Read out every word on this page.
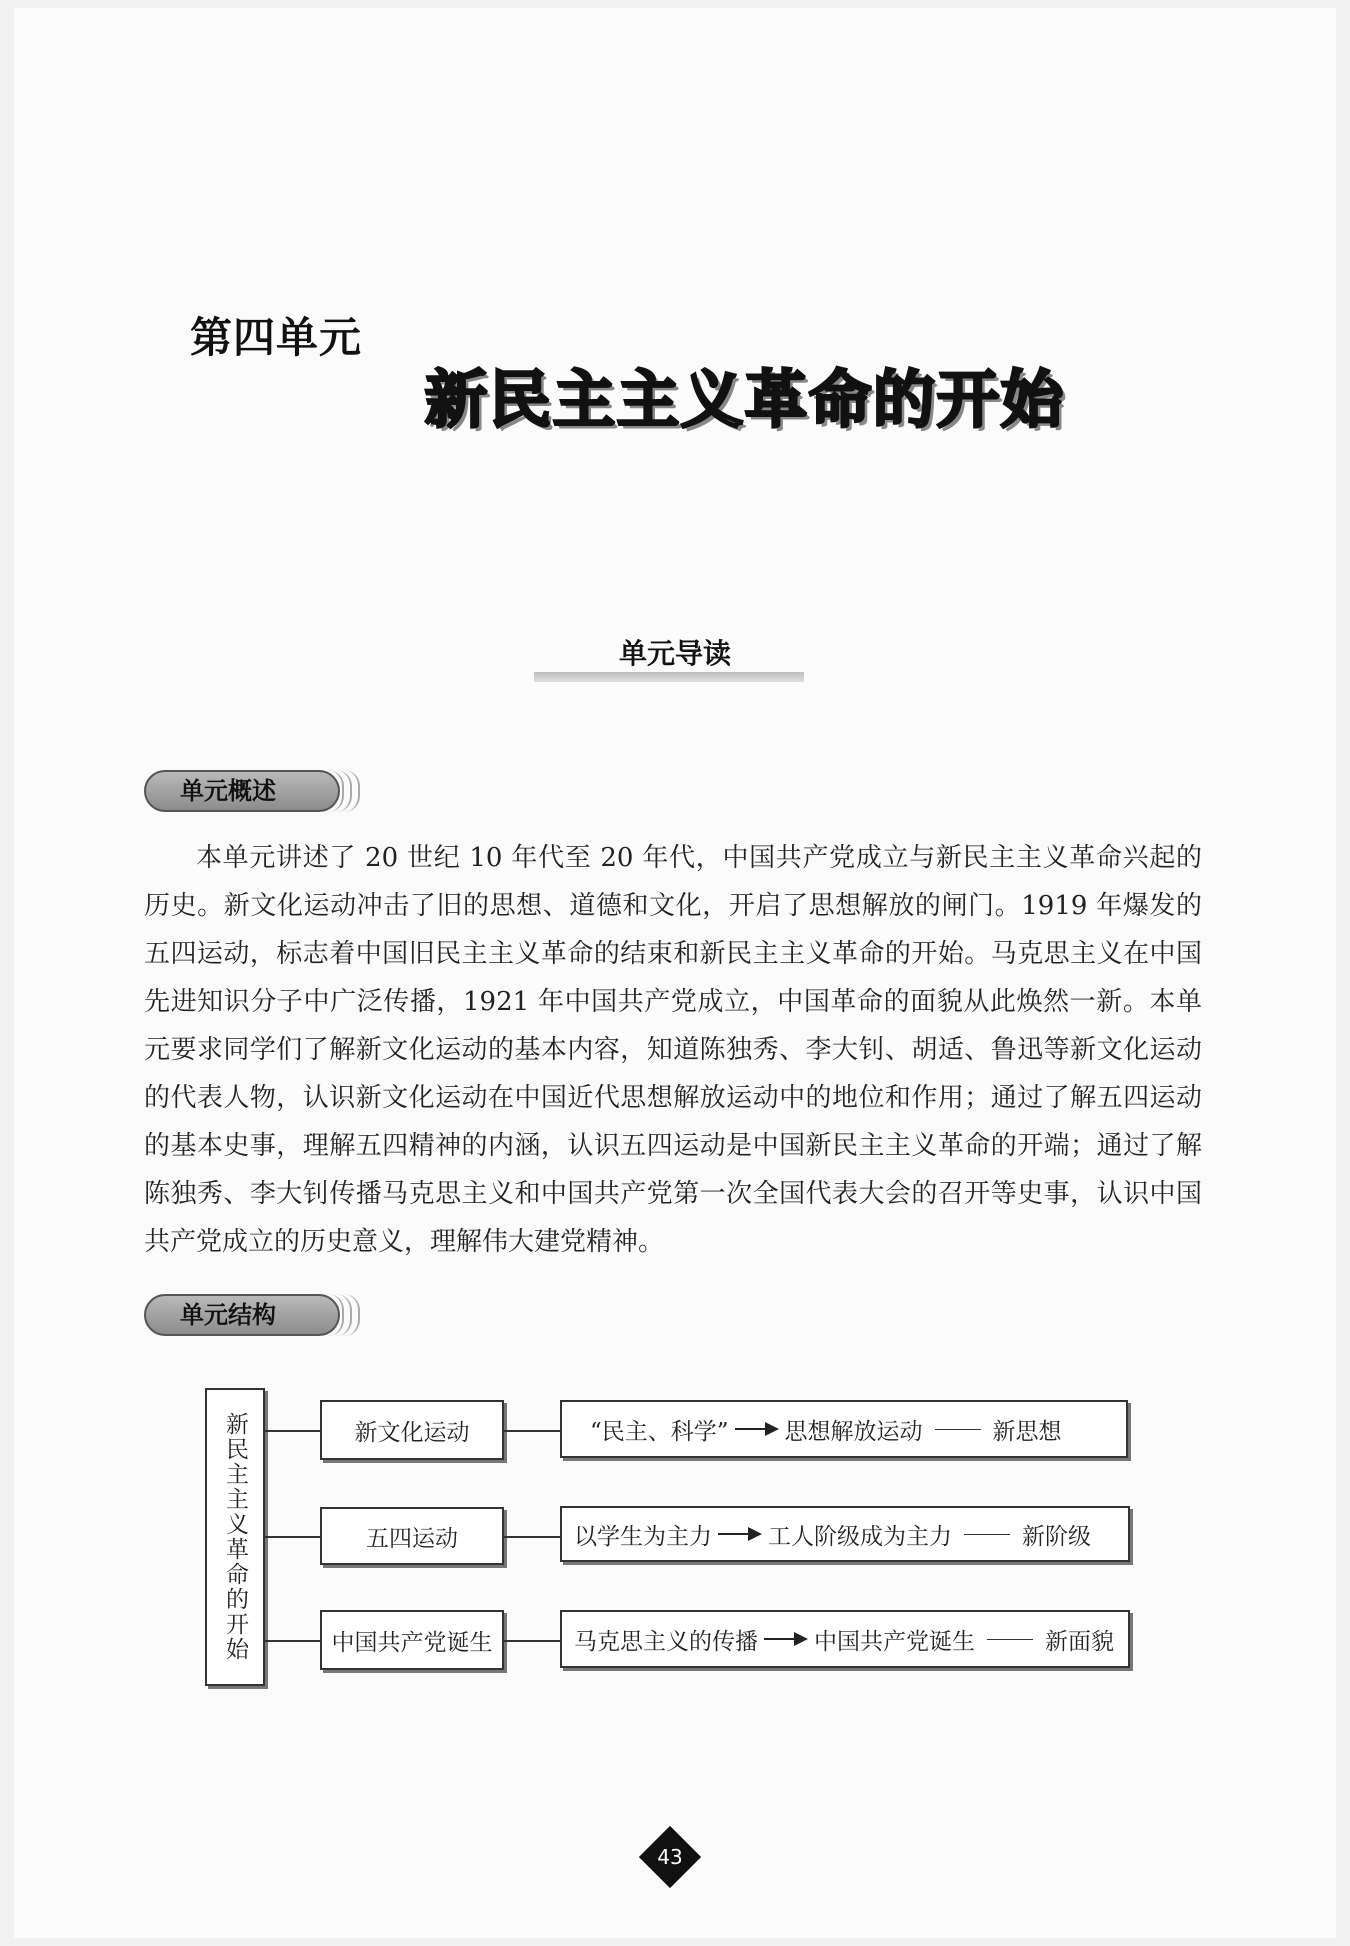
第四单元
新民主主义革命的开始
单元导读
单元概述
本单元讲述了 20 世纪 10 年代至 20 年代，中国共产党成立与新民主主义革命兴起的历史。新文化运动冲击了旧的思想、道德和文化，开启了思想解放的闸门。1919 年爆发的五四运动，标志着中国旧民主主义革命的结束和新民主主义革命的开始。马克思主义在中国先进知识分子中广泛传播，1921 年中国共产党成立，中国革命的面貌从此焕然一新。本单元要求同学们了解新文化运动的基本内容，知道陈独秀、李大钊、胡适、鲁迅等新文化运动的代表人物，认识新文化运动在中国近代思想解放运动中的地位和作用；通过了解五四运动的基本史事，理解五四精神的内涵，认识五四运动是中国新民主主义革命的开端；通过了解陈独秀、李大钊传播马克思主义和中国共产党第一次全国代表大会的召开等史事，认识中国共产党成立的历史意义，理解伟大建党精神。
单元结构
新民主主义革命的开始	新文化运动
五四运动
中国共产党诞生
“民主、科学” 思想解放运动	新思想
以学生为主力 工人阶级成为主力	新阶级
马克思主义的传播 中国共产党诞生	新面貌
43
